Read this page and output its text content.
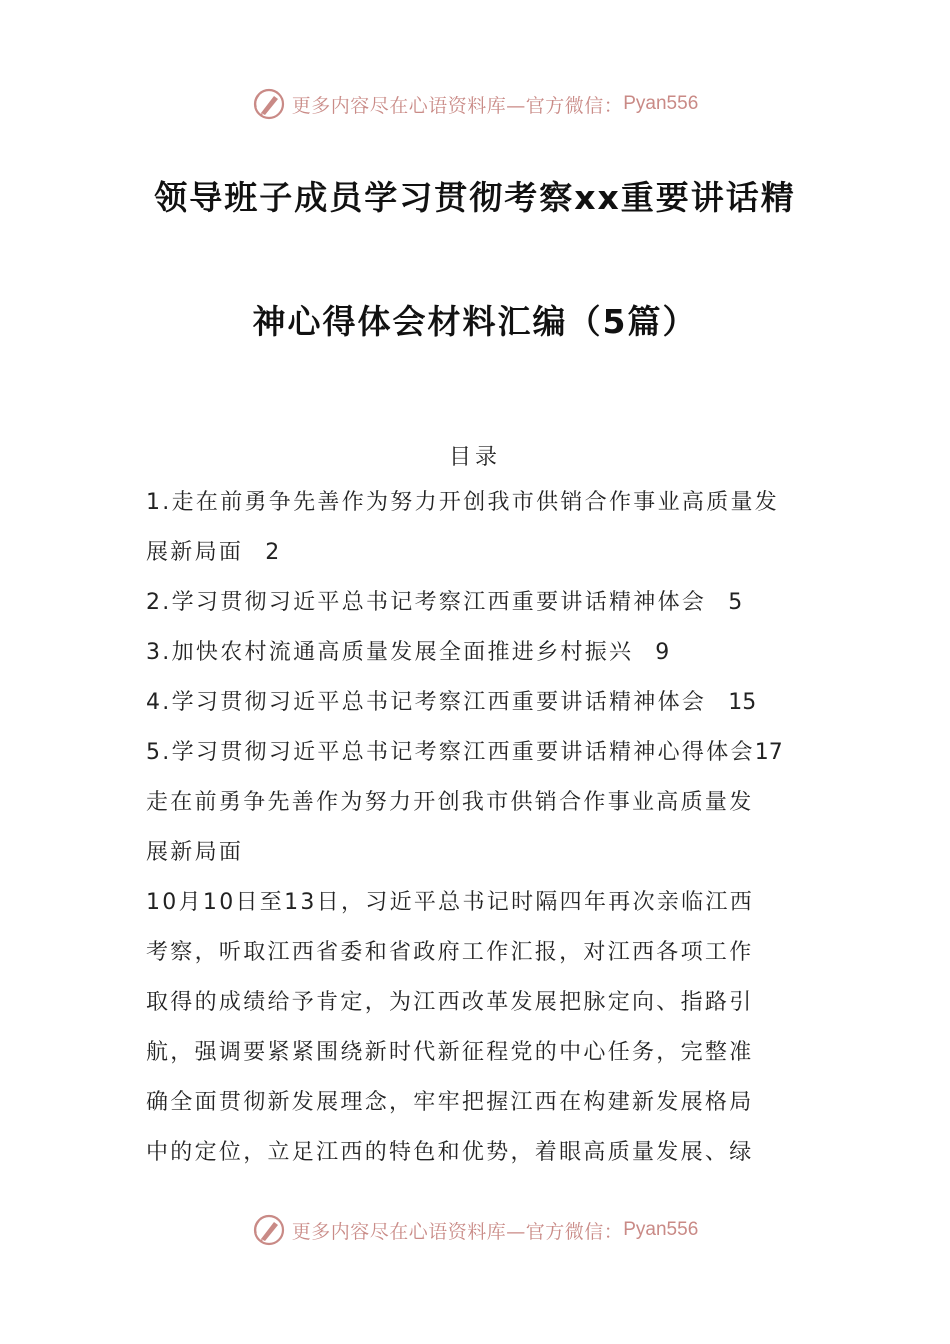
更多内容尽在心语资料库—官方微信： Pyan556
领导班子成员学习贯彻考察xx重要讲话精
神心得体会材料汇编（5篇）
目录
1.走在前勇争先善作为努力开创我市供销合作事业高质量发
展新局面 2
2.学习贯彻习近平总书记考察江西重要讲话精神体会 5
3.加快农村流通高质量发展全面推进乡村振兴 9
4.学习贯彻习近平总书记考察江西重要讲话精神体会 15
5.学习贯彻习近平总书记考察江西重要讲话精神心得体会17
走在前勇争先善作为努力开创我市供销合作事业高质量发
展新局面
10月10日至13日，习近平总书记时隔四年再次亲临江西
考察，听取江西省委和省政府工作汇报，对江西各项工作
取得的成绩给予肯定，为江西改革发展把脉定向、指路引
航，强调要紧紧围绕新时代新征程党的中心任务，完整准
确全面贯彻新发展理念，牢牢把握江西在构建新发展格局
中的定位，立足江西的特色和优势，着眼高质量发展、绿
更多内容尽在心语资料库—官方微信： Pyan556
